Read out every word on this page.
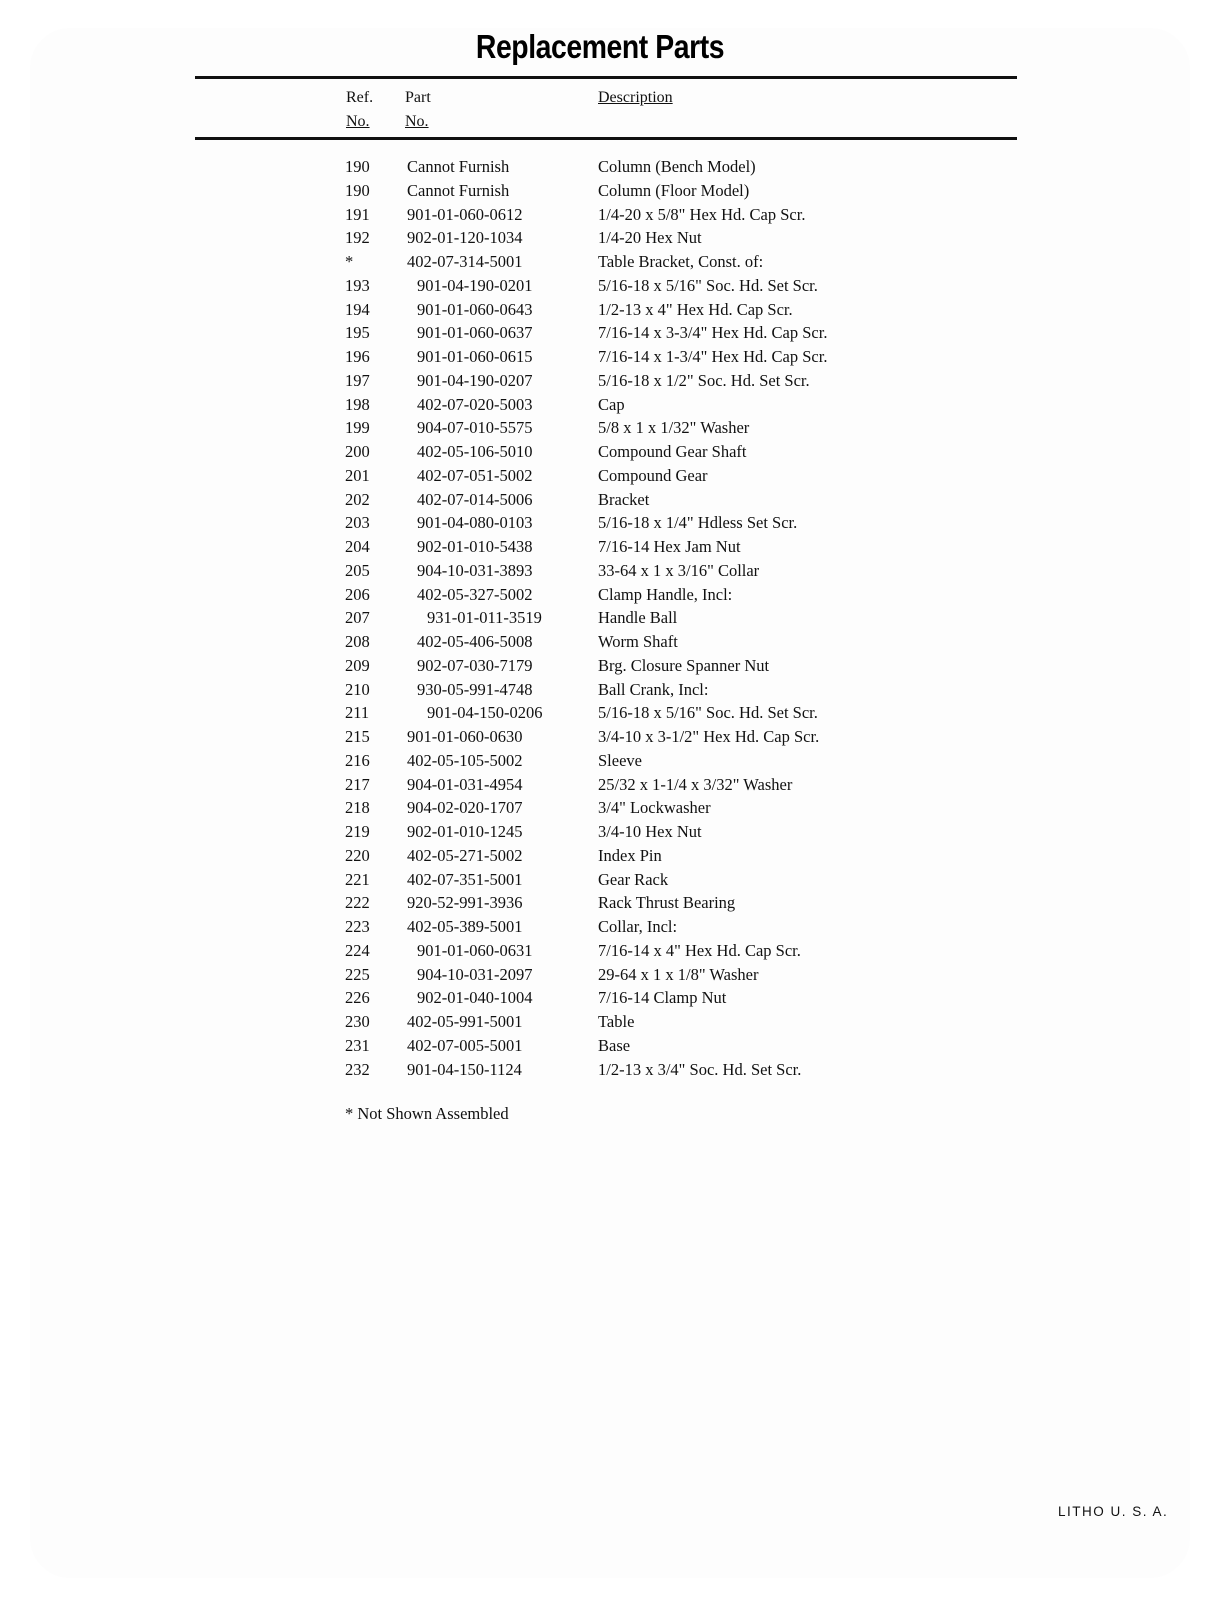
Replacement Parts
Ref.
No.
Part
No.
Description
190 Cannot Furnish	Column (Bench Model)
190 Cannot Furnish	Column (Floor Model)
191 901-01-060-0612	1/4-20 x 5/8" Hex Hd. Cap Scr.
192 902-01-120-1034	1/4-20 Hex Nut
*	402-07-314-5001	Table Bracket, Const. of:
193	901-04-190-0201	5/16-18 x 5/16" Soc. Hd. Set Scr.
194	901-01-060-0643	1/2-13 x 4" Hex Hd. Cap Scr.
195	901-01-060-0637	7/16-14 x 3-3/4" Hex Hd. Cap Scr.
196	901-01-060-0615	7/16-14 x 1-3/4" Hex Hd. Cap Scr.
197	901-04-190-0207	5/16-18 x 1/2" Soc. Hd. Set Scr.
198	402-07-020-5003	Cap
199	904-07-010-5575	5/8 x 1 x 1/32" Washer
200	402-05-106-5010	Compound Gear Shaft
201	402-07-051-5002	Compound Gear
202	402-07-014-5006	Bracket
203	901-04-080-0103	5/16-18 x 1/4" Hdless Set Scr.
204	902-01-010-5438	7/16-14 Hex Jam Nut
205	904-10-031-3893	33-64 x 1 x 3/16" Collar
206	402-05-327-5002	Clamp Handle, Incl:
207	931-01-011-3519	Handle Ball
208	402-05-406-5008	Worm Shaft
209	902-07-030-7179	Brg. Closure Spanner Nut
210	930-05-991-4748	Ball Crank, Incl:
211	901-04-150-0206	5/16-18 x 5/16" Soc. Hd. Set Scr.
215 901-01-060-0630	3/4-10 x 3-1/2" Hex Hd. Cap Scr.
216 402-05-105-5002	Sleeve
217 904-01-031-4954	25/32 x 1-1/4 x 3/32" Washer
218 904-02-020-1707	3/4" Lockwasher
219 902-01-010-1245	3/4-10 Hex Nut
220 402-05-271-5002	Index Pin
221 402-07-351-5001	Gear Rack
222 920-52-991-3936	Rack Thrust Bearing
223 402-05-389-5001	Collar, Incl:
224	901-01-060-0631	7/16-14 x 4" Hex Hd. Cap Scr.
225	904-10-031-2097	29-64 x 1 x 1/8" Washer
226	902-01-040-1004	7/16-14 Clamp Nut
230 402-05-991-5001	Table
231 402-07-005-5001	Base
232 901-04-150-1124	1/2-13 x 3/4" Soc. Hd. Set Scr.
* Not Shown Assembled
LITHO U. S. A.
